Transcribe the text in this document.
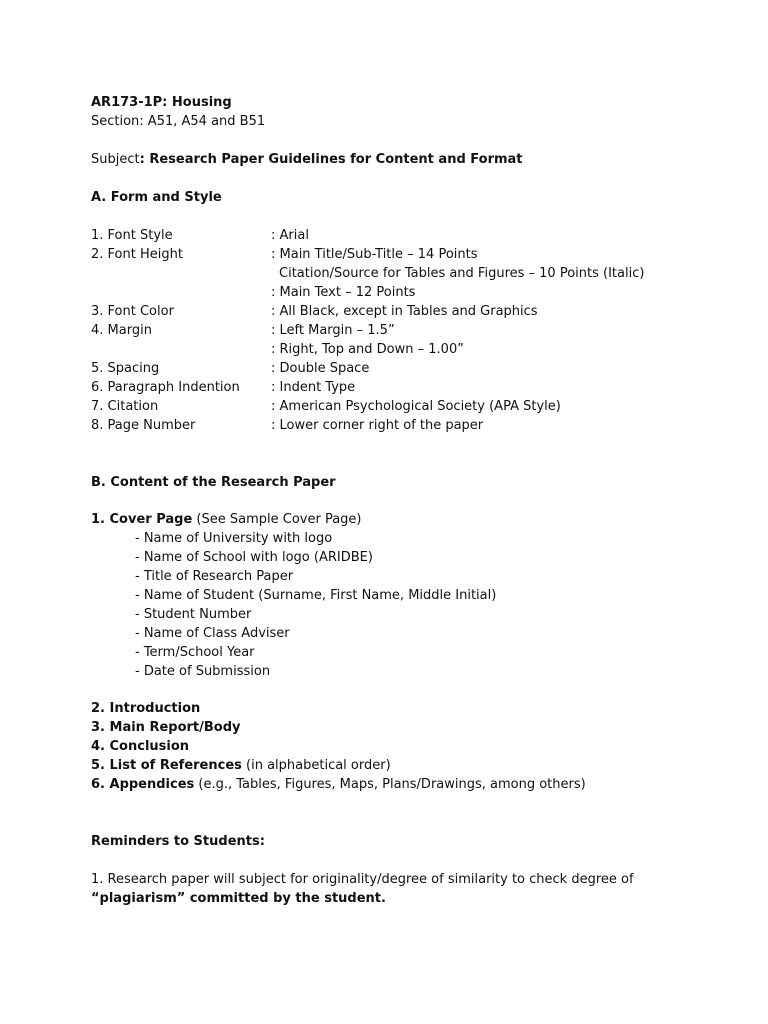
AR173-1P: Housing
Section: A51, A54 and B51
Subject: Research Paper Guidelines for Content and Format
A. Form and Style
1. Font Style	: Arial
2. Font Height	: Main Title/Sub-Title – 14 Points
Citation/Source for Tables and Figures – 10 Points (Italic)
: Main Text – 12 Points
3. Font Color	: All Black, except in Tables and Graphics
4. Margin	: Left Margin – 1.5”
: Right, Top and Down – 1.00”
5. Spacing	: Double Space
6. Paragraph Indention : Indent Type
7. Citation	: American Psychological Society (APA Style)
8. Page Number	: Lower corner right of the paper
B. Content of the Research Paper
1. Cover Page (See Sample Cover Page)
- Name of University with logo
- Name of School with logo (ARIDBE)
- Title of Research Paper
- Name of Student (Surname, First Name, Middle Initial)
- Student Number
- Name of Class Adviser
- Term/School Year
- Date of Submission
2. Introduction
3. Main Report/Body
4. Conclusion
5. List of References (in alphabetical order)
6. Appendices (e.g., Tables, Figures, Maps, Plans/Drawings, among others)
Reminders to Students:
1. Research paper will subject for originality/degree of similarity to check degree of
“plagiarism” committed by the student.
